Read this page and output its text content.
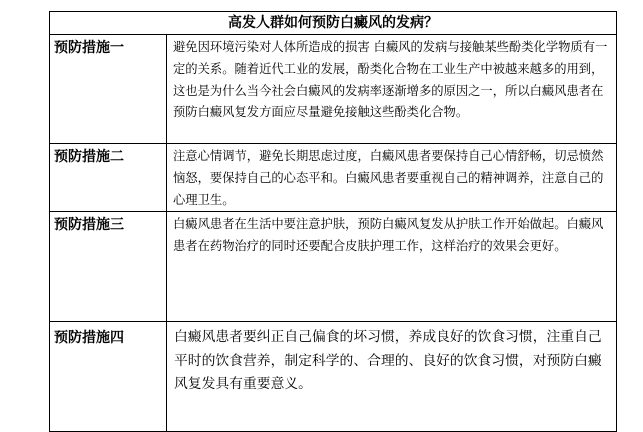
高发人群如何预防白癜风的发病？	
预防措施一	避免因环境污染对人体所造成的损害 白癜风的发病与接触某些酚类化学物质有一定的关系。随着近代工业的发展，酚类化合物在工业生产中被越来越多的用到，这也是为什么当今社会白癜风的发病率逐渐增多的原因之一，所以白癜风患者在预防白癜风复发方面应尽量避免接触这些酚类化合物。
预防措施二	注意心情调节，避免长期思虑过度，白癜风患者要保持自己心情舒畅，切忌愤然恼怒，要保持自己的心态平和。白癜风患者要重视自己的精神调养，注意自己的心理卫生。
预防措施三	白癜风患者在生活中要注意护肤，预防白癜风复发从护肤工作开始做起。白癜风患者在药物治疗的同时还要配合皮肤护理工作，这样治疗的效果会更好。
预防措施四	白癜风患者要纠正自己偏食的坏习惯，养成良好的饮食习惯，注重自己平时的饮食营养，制定科学的、合理的、良好的饮食习惯，对预防白癜风复发具有重要意义。
